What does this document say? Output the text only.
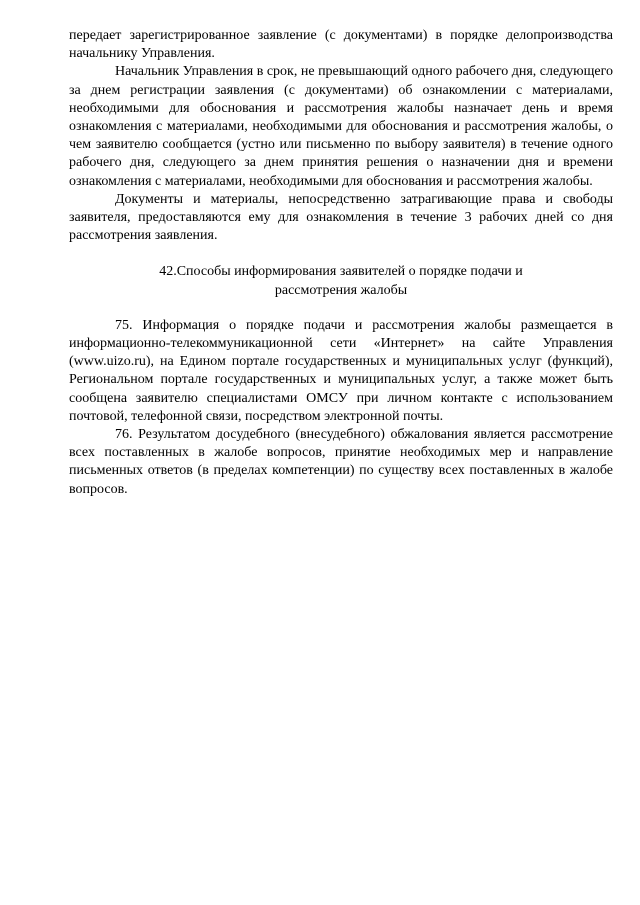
передает зарегистрированное заявление (с документами) в порядке делопроизводства начальнику Управления.

Начальник Управления в срок, не превышающий одного рабочего дня, следующего за днем регистрации заявления (с документами) об ознакомлении с материалами, необходимыми для обоснования и рассмотрения жалобы назначает день и время ознакомления с материалами, необходимыми для обоснования и рассмотрения жалобы, о чем заявителю сообщается (устно или письменно по выбору заявителя) в течение одного рабочего дня, следующего за днем принятия решения о назначении дня и времени ознакомления с материалами, необходимыми для обоснования и рассмотрения жалобы.

Документы и материалы, непосредственно затрагивающие права и свободы заявителя, предоставляются ему для ознакомления в течение 3 рабочих дней со дня рассмотрения заявления.

42.Способы информирования заявителей о порядке подачи и
рассмотрения жалобы

75. Информация о порядке подачи и рассмотрения жалобы размещается в информационно-телекоммуникационной сети «Интернет» на сайте Управления (www.uizo.ru), на Едином портале государственных и муниципальных услуг (функций), Региональном портале государственных и муниципальных услуг, а также может быть сообщена заявителю специалистами ОМСУ при личном контакте с использованием почтовой, телефонной связи, посредством электронной почты.

76. Результатом досудебного (внесудебного) обжалования является рассмотрение всех поставленных в жалобе вопросов, принятие необходимых мер и направление письменных ответов (в пределах компетенции) по существу всех поставленных в жалобе вопросов.
